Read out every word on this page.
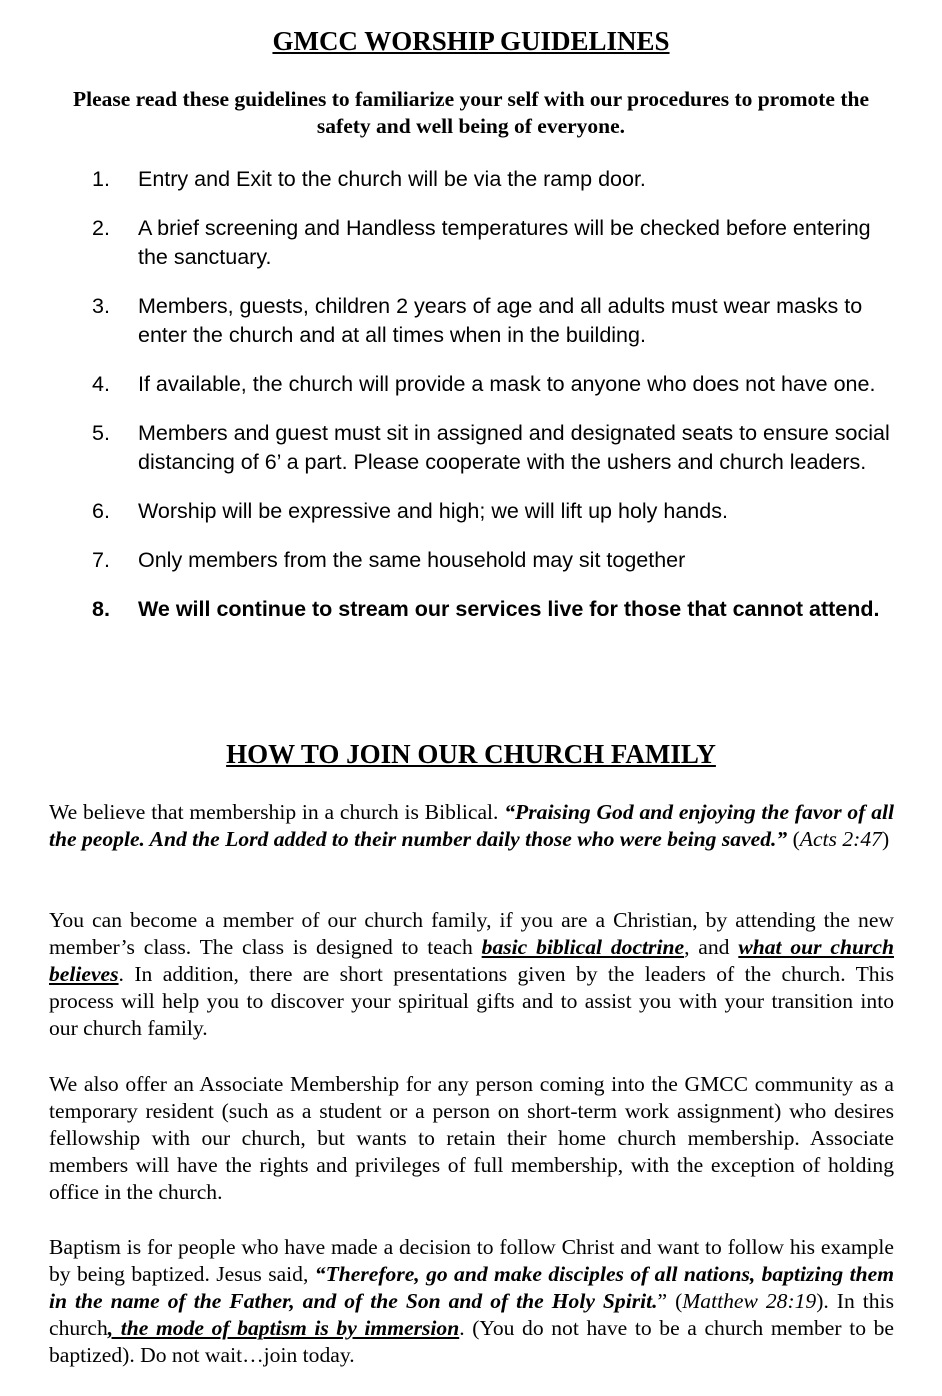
GMCC WORSHIP GUIDELINES
Please read these guidelines to familiarize your self with our procedures to promote the safety and well being of everyone.
1.	Entry and Exit to the church will be via the ramp door.
2.	A brief screening and Handless temperatures will be checked before entering the sanctuary.
3.	Members, guests, children 2 years of age and all adults must wear masks to enter the church and at all times when in the building.
4.	If available, the church will provide a mask to anyone who does not have one.
5.	Members and guest must sit in assigned and designated seats to ensure social distancing of 6’ a part. Please cooperate with the ushers and church leaders.
6.	Worship will be expressive and high; we will lift up holy hands.
7.	Only members from the same household may sit together
8.	We will continue to stream our services live for those that cannot attend.
HOW TO JOIN OUR CHURCH FAMILY
We believe that membership in a church is Biblical. “Praising God and enjoying the favor of all the people. And the Lord added to their number daily those who were being saved.” (Acts 2:47)
You can become a member of our church family, if you are a Christian, by attending the new member’s class. The class is designed to teach basic biblical doctrine, and what our church believes. In addition, there are short presentations given by the leaders of the church. This process will help you to discover your spiritual gifts and to assist you with your transition into our church family.
We also offer an Associate Membership for any person coming into the GMCC community as a temporary resident (such as a student or a person on short-term work assignment) who desires fellowship with our church, but wants to retain their home church membership. Associate members will have the rights and privileges of full membership, with the exception of holding office in the church.
Baptism is for people who have made a decision to follow Christ and want to follow his example by being baptized. Jesus said, “Therefore, go and make disciples of all nations, baptizing them in the name of the Father, and of the Son and of the Holy Spirit.” (Matthew 28:19). In this church, the mode of baptism is by immersion. (You do not have to be a church member to be baptized). Do not wait…join today.
